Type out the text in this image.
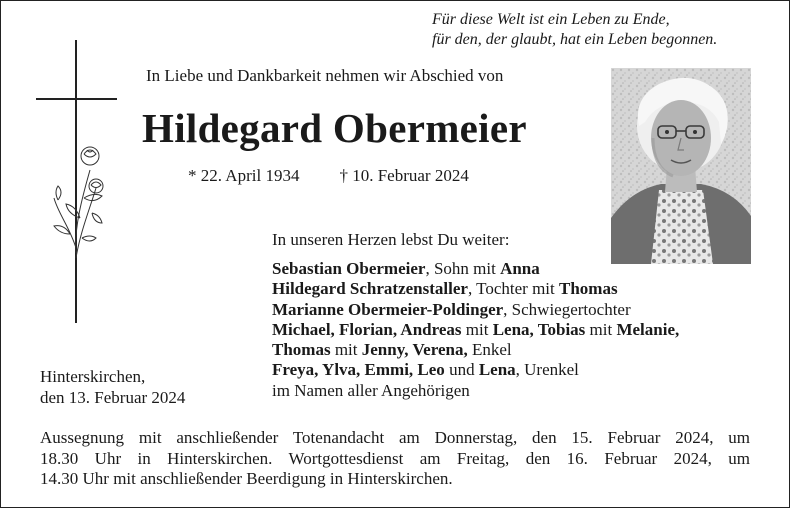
Für diese Welt ist ein Leben zu Ende,
für den, der glaubt, hat ein Leben begonnen.
In Liebe und Dankbarkeit nehmen wir Abschied von
Hildegard Obermeier
* 22. April 1934 † 10. Februar 2024
In unseren Herzen lebst Du weiter:
Sebastian Obermeier, Sohn mit Anna
Hildegard Schratzenstaller, Tochter mit Thomas
Marianne Obermeier-Poldinger, Schwiegertochter
Michael, Florian, Andreas mit Lena, Tobias mit Melanie,
Thomas mit Jenny, Verena, Enkel
Freya, Ylva, Emmi, Leo und Lena, Urenkel
im Namen aller Angehörigen
Hinterskirchen,
den 13. Februar 2024
Aussegnung mit anschließender Totenandacht am Donnerstag, den 15. Februar 2024, um
18.30 Uhr in Hinterskirchen. Wortgottesdienst am Freitag, den 16. Februar 2024, um
14.30 Uhr mit anschließender Beerdigung in Hinterskirchen.
